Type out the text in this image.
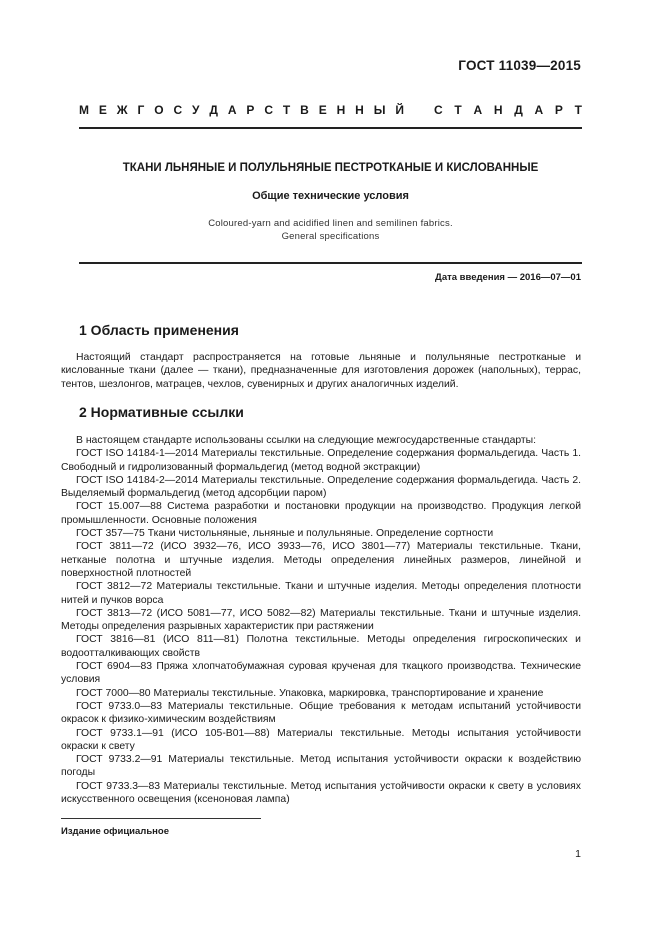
ГОСТ 11039—2015
М Е Ж Г О С У Д А Р С Т В Е Н Н Ы Й	С Т А Н Д А Р Т
ТКАНИ ЛЬНЯНЫЕ И ПОЛУЛЬНЯНЫЕ ПЕСТРОТКАНЫЕ И КИСЛОВАННЫЕ
Общие технические условия
Coloured-yarn and acidified linen and semilinen fabrics.
General specifications
Дата введения — 2016—07—01
1 Область применения

Настоящий стандарт распространяется на готовые льняные и полульняные пестротканые и кислованные ткани (далее — ткани), предназначенные для изготовления дорожек (напольных), террас, тентов, шезлонгов, матрацев, чехлов, сувенирных и других аналогичных изделий.

2 Нормативные ссылки

В настоящем стандарте использованы ссылки на следующие межгосударственные стандарты:

ГОСТ ISO 14184-1—2014 Материалы текстильные. Определение содержания формальдегида. Часть 1. Свободный и гидролизованный формальдегид (метод водной экстракции)

ГОСТ ISO 14184-2—2014 Материалы текстильные. Определение содержания формальдегида. Часть 2. Выделяемый формальдегид (метод адсорбции паром)

ГОСТ 15.007—88 Система разработки и постановки продукции на производство. Продукция легкой промышленности. Основные положения

ГОСТ 357—75 Ткани чистольняные, льняные и полульняные. Определение сортности

ГОСТ 3811—72 (ИСО 3932—76, ИСО 3933—76, ИСО 3801—77) Материалы текстильные. Ткани, нетканые полотна и штучные изделия. Методы определения линейных размеров, линейной и поверхностной плотностей

ГОСТ 3812—72 Материалы текстильные. Ткани и штучные изделия. Методы определения плотности нитей и пучков ворса

ГОСТ 3813—72 (ИСО 5081—77, ИСО 5082—82) Материалы текстильные. Ткани и штучные изделия. Методы определения разрывных характеристик при растяжении

ГОСТ 3816—81 (ИСО 811—81) Полотна текстильные. Методы определения гигроскопических и водоотталкивающих свойств

ГОСТ 6904—83 Пряжа хлопчатобумажная суровая крученая для ткацкого производства. Технические условия

ГОСТ 7000—80 Материалы текстильные. Упаковка, маркировка, транспортирование и хранение

ГОСТ 9733.0—83 Материалы текстильные. Общие требования к методам испытаний устойчивости окрасок к физико-химическим воздействиям

ГОСТ 9733.1—91 (ИСО 105-В01—88) Материалы текстильные. Методы испытания устойчивости окраски к свету

ГОСТ 9733.2—91 Материалы текстильные. Метод испытания устойчивости окраски к воздействию погоды

ГОСТ 9733.3—83 Материалы текстильные. Метод испытания устойчивости окраски к свету в условиях искусственного освещения (ксеноновая лампа)

Издание официальное
1
